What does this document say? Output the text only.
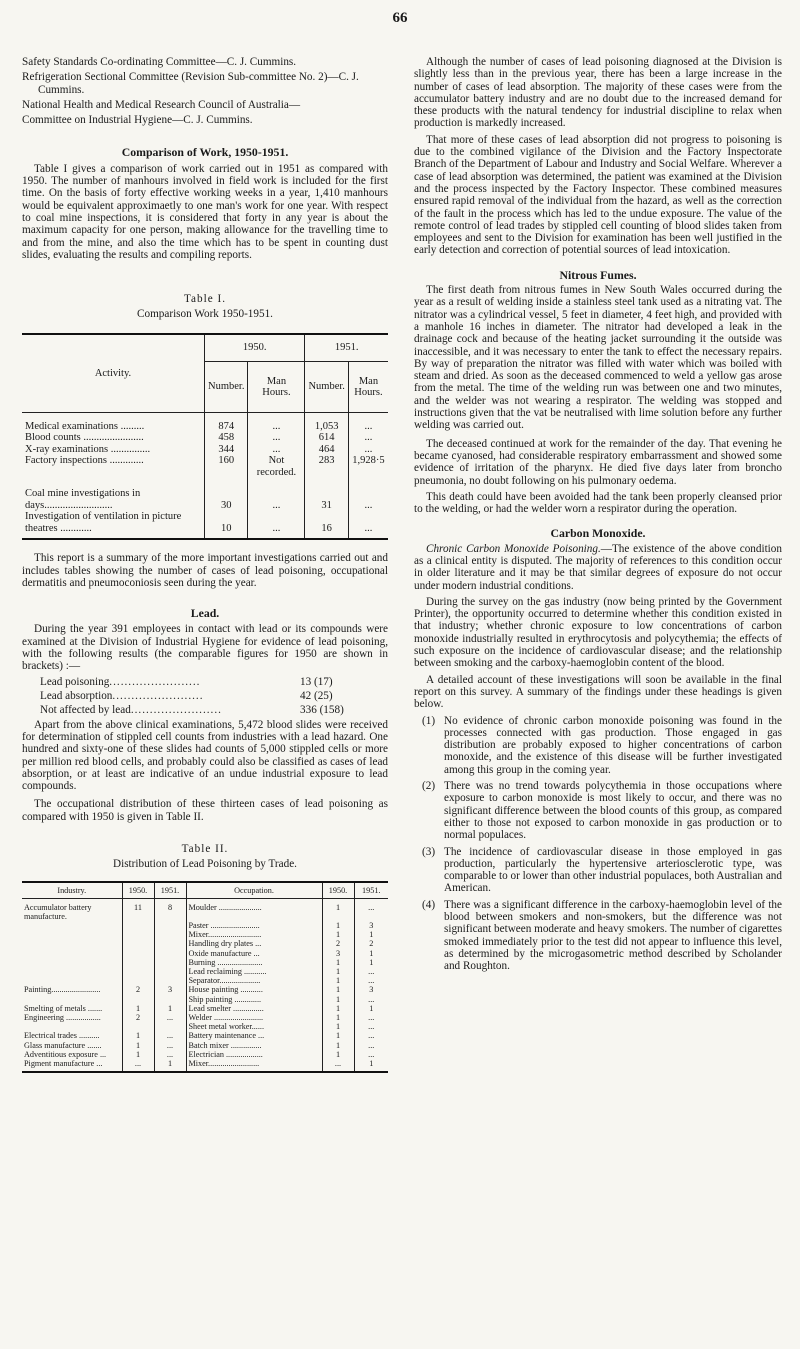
66

Safety Standards Co-ordinating Committee—C. J. Cummins.

Refrigeration Sectional Committee (Revision Sub-committee No. 2)—C. J. Cummins.

National Health and Medical Research Council of Australia—

Committee on Industrial Hygiene—C. J. Cummins.

Comparison of Work, 1950-1951.

Table I gives a comparison of work carried out in 1951 as compared with 1950. The number of manhours involved in field work is included for the first time. On the basis of forty effective working weeks in a year, 1,410 manhours would be equivalent approximaetly to one man's work for one year. With respect to coal mine inspections, it is considered that forty in any year is about the maximum capacity for one person, making allowance for the travelling time to and from the mine, and also the time which has to be spent in counting dust slides, evaluating the results and compiling reports.

Table I.

Comparison Work 1950-1951.

Activity.	1950.		1951.	
	Number.	Man Hours.	Number.	Man Hours.

Medical examinations .........	874	...	1,053	...
Blood counts .......................	458	...	614	...
X-ray examinations ...............	344	...	464	...
Factory inspections .............	160	Not recorded.	283	1,928·5
Coal mine investigations in days..........................	30	...	31	...
Investigation of ventilation in picture theatres ............	10	...	16	...

This report is a summary of the more important investigations carried out and includes tables showing the number of cases of lead poisoning, occupational dermatitis and pneumoconiosis seen during the year.

Lead.

During the year 391 employees in contact with lead or its compounds were examined at the Division of Industrial Hygiene for evidence of lead poisoning, with the following results (the comparable figures for 1950 are shown in brackets) :—

Lead poisoning ........................	13 (17)
Lead absorption ........................	42 (25)
Not affected by lead ........................	336 (158)

Apart from the above clinical examinations, 5,472 blood slides were received for determination of stippled cell counts from industries with a lead hazard. One hundred and sixty-one of these slides had counts of 5,000 stippled cells or more per million red blood cells, and probably could also be classified as cases of lead absorption, or at least are indicative of an undue industrial exposure to lead compounds.

The occupational distribution of these thirteen cases of lead poisoning as compared with 1950 is given in Table II.

Table II.

Distribution of Lead Poisoning by Trade.

Industry.	1950.	1951.	Occupation.	1950.	1951.
Accumulator battery
manufacture.	11	8	Moulder .....................	1	...
			Paster ........................	1	3
			Mixer..........................	1	1
			Handling dry plates ...	2	2
			Oxide manufacture ...	3	1
			Burning ......................	1	1
			Lead reclaiming ...........	1	...
			Separator....................	1	...
Painting........................	2	3	House painting ...........	1	3
			Ship painting .............	1	...
Smelting of metals .......	1	1	Lead smelter ...............	1	1
Engineering .................	2	...	Welder ........................	1	...
			Sheet metal worker......	1	...
Electrical trades ..........	1	...	Battery maintenance ...	1	...
Glass manufacture .......	1	...	Batch mixer ...............	1	...
Adventitious exposure ...	1	...	Electrician ..................	1	...
Pigment manufacture ...	...	1	Mixer.........................	...	1

Although the number of cases of lead poisoning diagnosed at the Division is slightly less than in the previous year, there has been a large increase in the number of cases of lead absorption. The majority of these cases were from the accumulator battery industry and are no doubt due to the increased demand for these products with the natural tendency for industrial discipline to relax when production is markedly increased.

That more of these cases of lead absorption did not progress to poisoning is due to the combined vigilance of the Division and the Factory Inspectorate Branch of the Department of Labour and Industry and Social Welfare. Wherever a case of lead absorption was determined, the patient was examined at the Division and the process inspected by the Factory Inspector. These combined measures ensured rapid removal of the individual from the hazard, as well as the correction of the fault in the process which has led to the undue exposure. The value of the remote control of lead trades by stippled cell counting of blood slides taken from employees and sent to the Division for examination has been well justified in the early detection and correction of potential sources of lead intoxication.

Nitrous Fumes.

The first death from nitrous fumes in New South Wales occurred during the year as a result of welding inside a stainless steel tank used as a nitrating vat. The nitrator was a cylindrical vessel, 5 feet in diameter, 4 feet high, and provided with a manhole 16 inches in diameter. The nitrator had developed a leak in the drainage cock and because of the heating jacket surrounding it the outside was inaccessible, and it was necessary to enter the tank to effect the necessary repairs. By way of preparation the nitrator was filled with water which was boiled with steam and dried. As soon as the deceased commenced to weld a yellow gas arose from the metal. The time of the welding run was between one and two minutes, and the welder was not wearing a respirator. The welding was stopped and instructions given that the vat be neutralised with lime solution before any further welding was carried out.

The deceased continued at work for the remainder of the day. That evening he became cyanosed, had considerable respiratory embarrassment and showed some evidence of irritation of the pharynx. He died five days later from broncho pneumonia, no doubt following on his pulmonary oedema.

This death could have been avoided had the tank been properly cleansed prior to the welding, or had the welder worn a respirator during the operation.

Carbon Monoxide.

Chronic Carbon Monoxide Poisoning.—The existence of the above condition as a clinical entity is disputed. The majority of references to this condition occur in older literature and it may be that similar degrees of exposure do not occur under modern industrial conditions.

During the survey on the gas industry (now being printed by the Government Printer), the opportunity occurred to determine whether this condition existed in that industry; whether chronic exposure to low concentrations of carbon monoxide industrially resulted in erythrocytosis and polycythemia; the effects of such exposure on the incidence of cardiovascular disease; and the relationship between smoking and the carboxy-haemoglobin content of the blood.

A detailed account of these investigations will soon be available in the final report on this survey. A summary of the findings under these headings is given below.

(1) No evidence of chronic carbon monoxide poisoning was found in the processes connected with gas production. Those engaged in gas distribution are probably exposed to higher concentrations of carbon monoxide, and the existence of this disease will be further investigated among this group in the coming year.

(2) There was no trend towards polycythemia in those occupations where exposure to carbon monoxide is most likely to occur, and there was no significant difference between the blood counts of this group, as compared either to those not exposed to carbon monoxide in gas production or to normal populaces.

(3) The incidence of cardiovascular disease in those employed in gas production, particularly the hypertensive arteriosclerotic type, was comparable to or lower than other industrial populaces, both Australian and American.

(4) There was a significant difference in the carboxy-haemoglobin level of the blood between smokers and non-smokers, but the difference was not significant between moderate and heavy smokers. The number of cigarettes smoked immediately prior to the test did not appear to influence this level, as determined by the microgasometric method described by Scholander and Roughton.
